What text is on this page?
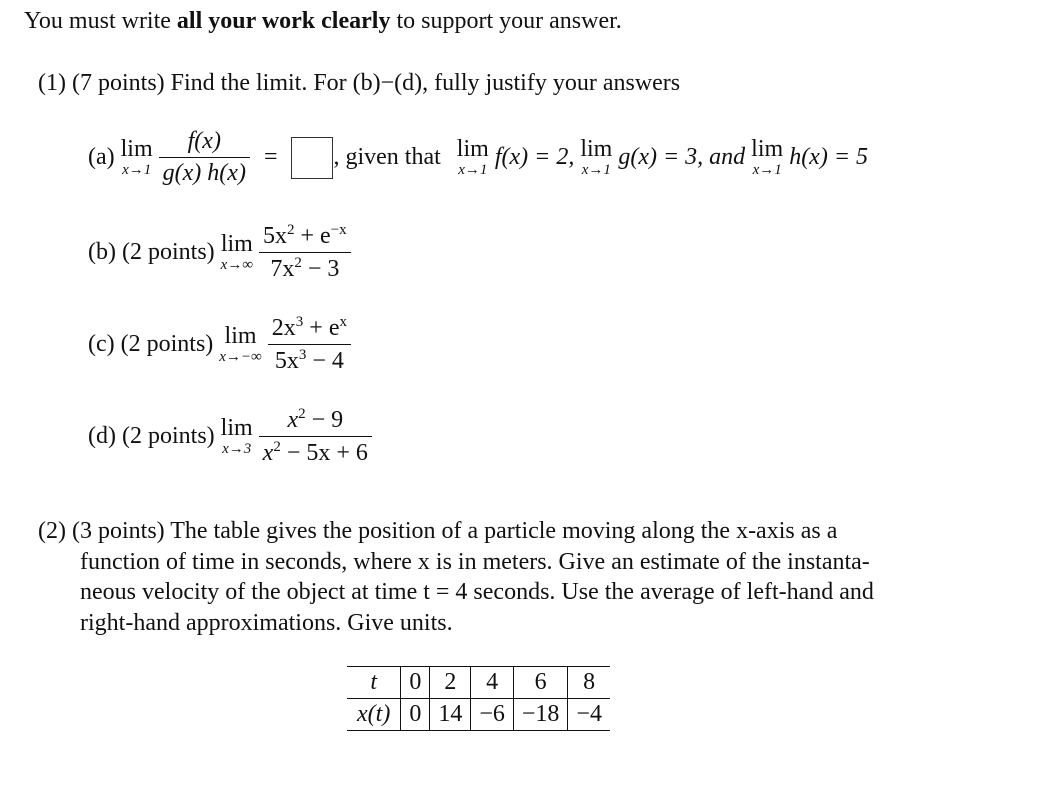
You must write all your work clearly to support your answer.
(1) (7 points) Find the limit. For (b)−(d), fully justify your answers
(a) lim
x→1
$\frac{f(x)}{g(x) h(x)}$ = , given that lim
x→1 f(x) = 2, lim
x→1 g(x) = 3, and lim
x→1 h(x) = 5
(b) (2 points) lim
x→∞
$\frac{5x^2 + e^{-x}}{7x^2 - 3}$
(c) (2 points) lim
x→−∞
$\frac{2x^3 + e^x}{5x^3 - 4}$
(d) (2 points) lim
x→3
$\frac{x^2 - 9}{x^2 - 5x + 6}$
(2) (3 points) The table gives the position of a particle moving along the x-axis as a
function of time in seconds, where x is in meters. Give an estimate of the instanta-
neous velocity of the object at time t = 4 seconds. Use the average of left-hand and
right-hand approximations. Give units.
t	0	2	4	6	8
x(t)	0	14	−6	−18	−4
